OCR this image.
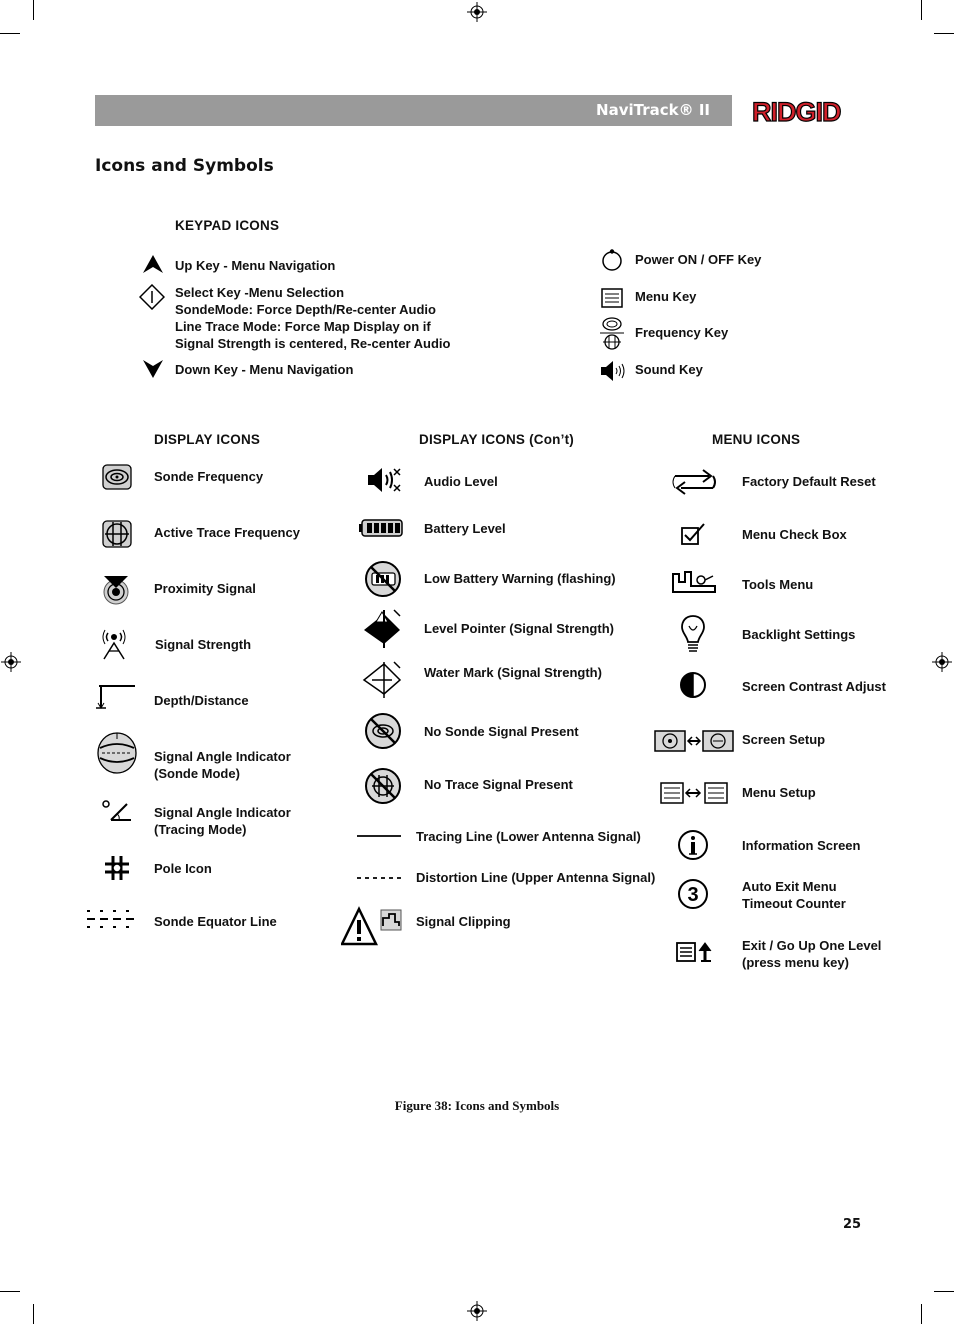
NaviTrack® II RIDGID
Icons and Symbols
KEYPAD ICONS
Up Key - Menu Navigation
Select Key -Menu Selection
SondeMode: Force Depth/Re-center Audio
Line Trace Mode: Force Map Display on if
Signal Strength is centered, Re-center Audio
Down Key - Menu Navigation
Power ON / OFF Key
Menu Key
Frequency Key
Sound Key
DISPLAY ICONS
Sonde Frequency
Active Trace Frequency
Proximity Signal
Signal Strength
Depth/Distance
Signal Angle Indicator
(Sonde Mode)
Signal Angle Indicator
(Tracing Mode)
Pole Icon
Sonde Equator Line
DISPLAY ICONS (Con’t)
Audio Level
Battery Level
Low Battery Warning (flashing)
Level Pointer (Signal Strength)
Water Mark (Signal Strength)
No Sonde Signal Present
No Trace Signal Present
Tracing Line (Lower Antenna Signal)
Distortion Line (Upper Antenna Signal)
Signal Clipping
MENU ICONS
Factory Default Reset
Menu Check Box
Tools Menu
Backlight Settings
Screen Contrast Adjust
Screen Setup
Menu Setup
Information Screen
3	Auto Exit Menu
Timeout Counter
Exit / Go Up One Level
(press menu key)
Figure 38: Icons and Symbols
25
